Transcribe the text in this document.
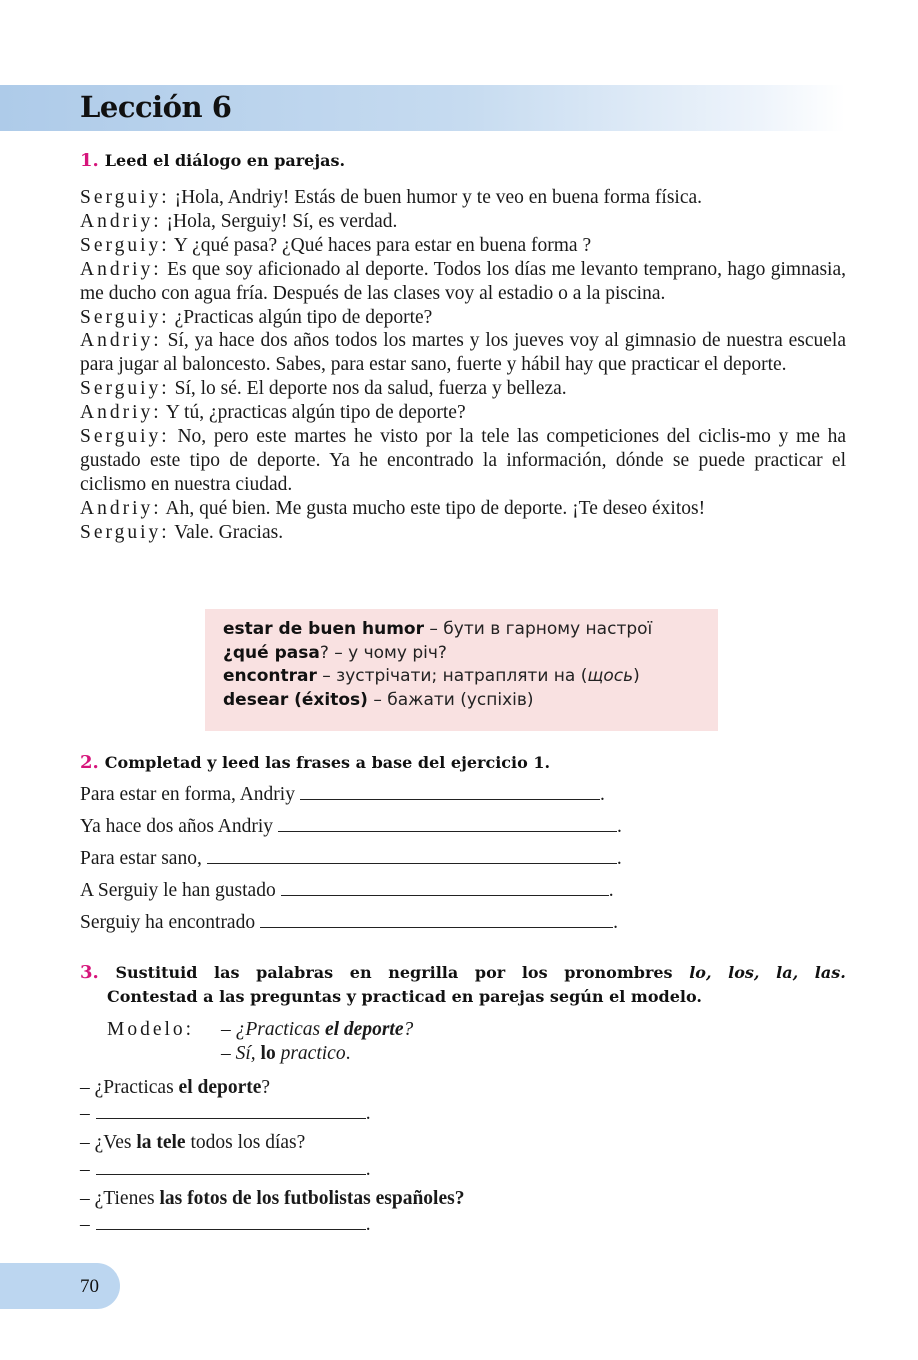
Lección 6
1. Leed el diálogo en parejas.

Serguiy: ¡Hola, Andriy! Estás de buen humor y te veo en buena forma física.

Andriy: ¡Hola, Serguiy! Sí, es verdad.

Serguiy: Y ¿qué pasa? ¿Qué haces para estar en buena forma ?

Andriy: Es que soy aficionado al deporte. Todos los días me levanto temprano, hago gimnasia, me ducho con agua fría. Después de las clases voy al estadio o a la piscina.

Serguiy: ¿Practicas algún tipo de deporte?

Andriy: Sí, ya hace dos años todos los martes y los jueves voy al gimnasio de nuestra escuela para jugar al baloncesto. Sabes, para estar sano, fuerte y hábil hay que practicar el deporte.

Serguiy: Sí, lo sé. El deporte nos da salud, fuerza y belleza.

Andriy: Y tú, ¿practicas algún tipo de deporte?

Serguiy: No, pero este martes he visto por la tele las competiciones del ciclis-mo y me ha gustado este tipo de deporte. Ya he encontrado la información, dónde se puede practicar el ciclismo en nuestra ciudad.

Andriy: Ah, qué bien. Me gusta mucho este tipo de deporte. ¡Te deseo éxitos!

Serguiy: Vale. Gracias.

estar de buen humor – бути в гарному настрої
¿qué pasa? – у чому річ?
encontrar – зустрічати; натрапляти на (щось)
desear (éxitos) – бажати (успіхів)
2. Completad y leed las frases a base del ejercicio 1.
Para estar en forma, Andriy	.
Ya hace dos años Andriy	.
Para estar sano,	.
A Serguiy le han gustado	.
Serguiy ha encontrado	.
3. Sustituid las palabras en negrilla por los pronombres lo, los, la, las.
Contestad a las preguntas y practicad en parejas según el modelo.
Modelo: – ¿Practicas el deporte?
– Sí, lo practico.
– ¿Practicas el deporte?
–	.
– ¿Ves la tele todos los días?
–	.
– ¿Tienes las fotos de los futbolistas españoles?
–	.
70
